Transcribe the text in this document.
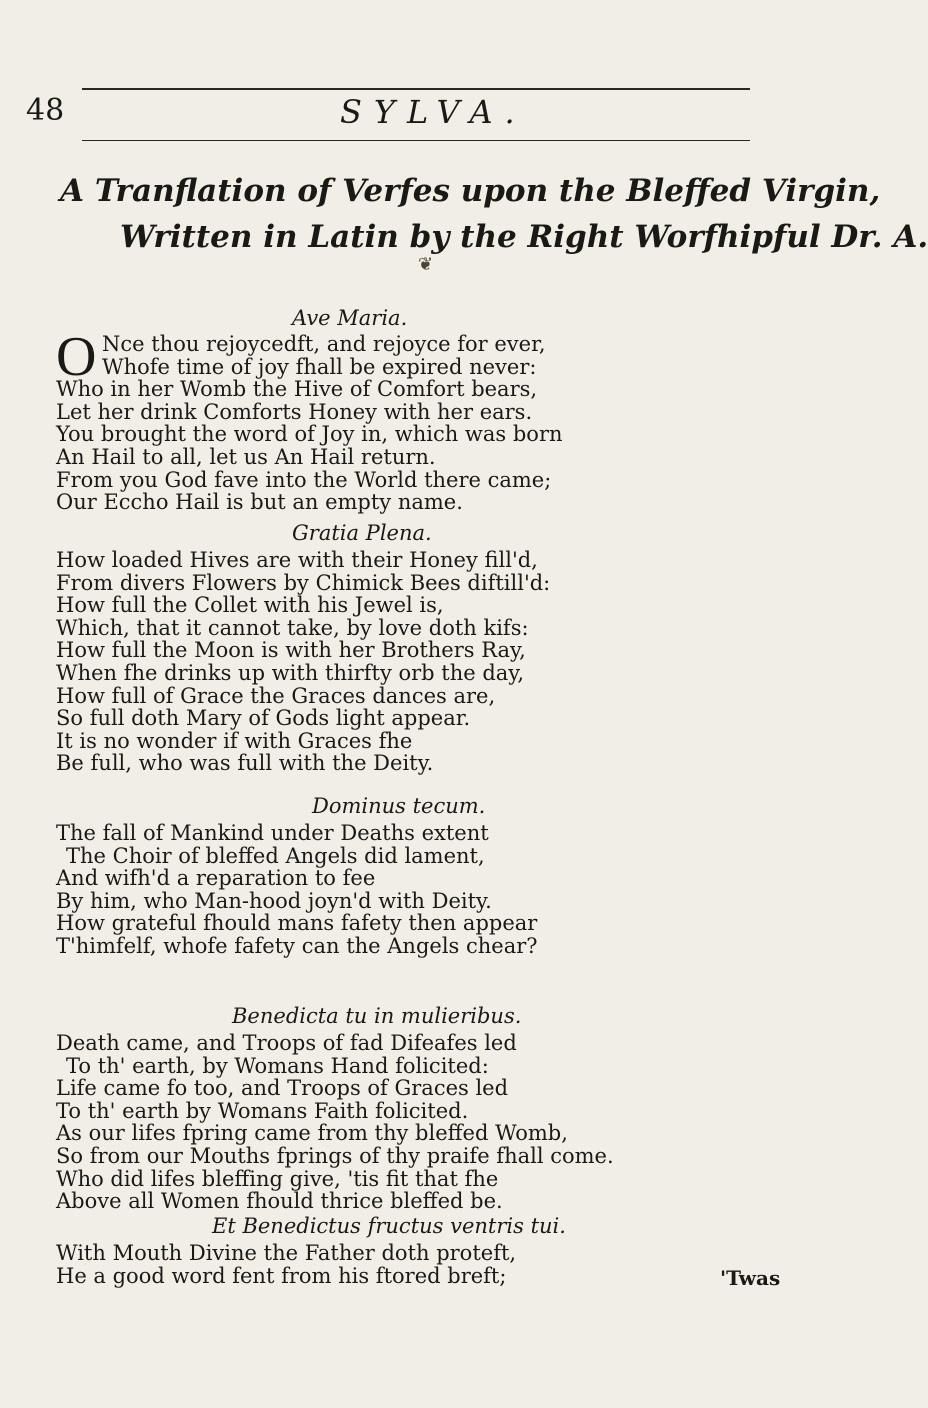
48	SYLVA.
A Tranflation of Verfes upon the Bleffed Virgin,
Written in Latin by the Right Worfhipful Dr. A.
❦
Ave Maria.
O Nce thou rejoycedft, and rejoyce for ever,
Whofe time of joy fhall be expired never:
Who in her Womb the Hive of Comfort bears,
Let her drink Comforts Honey with her ears.
You brought the word of Joy in, which was born
An Hail to all, let us An Hail return.
From you God fave into the World there came;
Our Eccho Hail is but an empty name.
Gratia Plena.
How loaded Hives are with their Honey fill'd,
From divers Flowers by Chimick Bees diftill'd:
How full the Collet with his Jewel is,
Which, that it cannot take, by love doth kifs:
How full the Moon is with her Brothers Ray,
When fhe drinks up with thirfty orb the day,
How full of Grace the Graces dances are,
So full doth Mary of Gods light appear.
It is no wonder if with Graces fhe
Be full, who was full with the Deity.
Dominus tecum.
The fall of Mankind under Deaths extent
The Choir of bleffed Angels did lament,
And wifh'd a reparation to fee
By him, who Man-hood joyn'd with Deity.
How grateful fhould mans fafety then appear
T'himfelf, whofe fafety can the Angels chear?
Benedicta tu in mulieribus.
Death came, and Troops of fad Difeafes led
To th' earth, by Womans Hand folicited:
Life came fo too, and Troops of Graces led
To th' earth by Womans Faith folicited.
As our lifes fpring came from thy bleffed Womb,
So from our Mouths fprings of thy praife fhall come.
Who did lifes bleffing give, 'tis fit that fhe
Above all Women fhould thrice bleffed be.
Et Benedictus fructus ventris tui.
With Mouth Divine the Father doth proteft,
He a good word fent from his ftored breft;	'Twas
